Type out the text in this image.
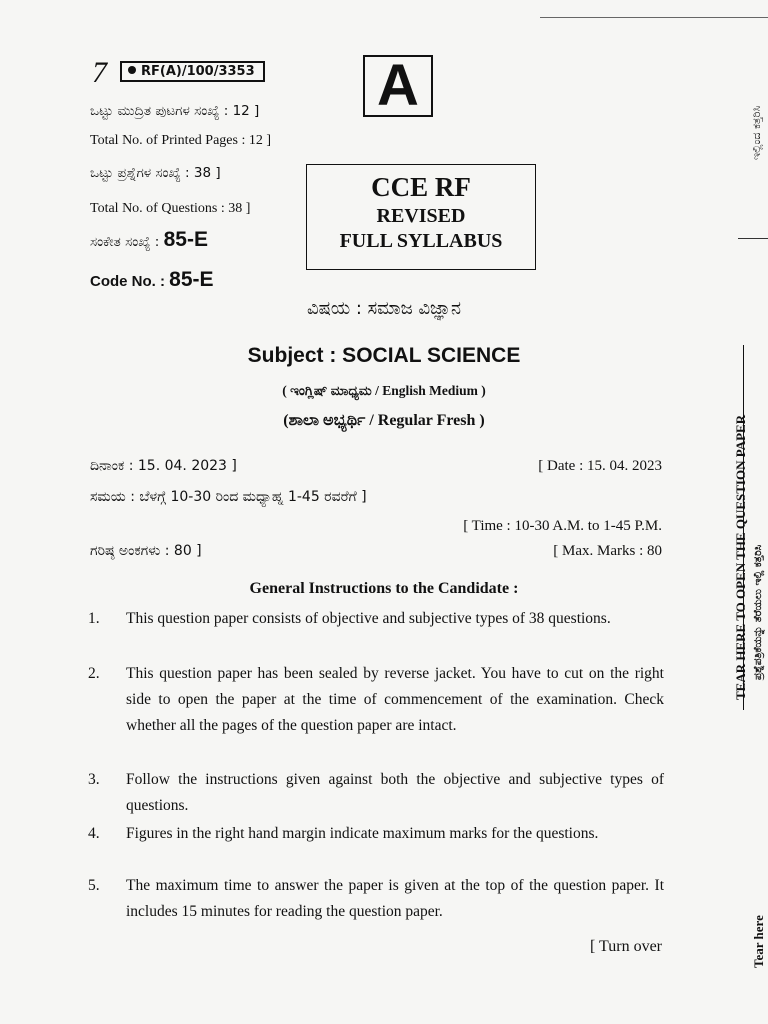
7	RF(A)/100/3353 A
ಒಟ್ಟು ಮುದ್ರಿತ ಪುಟಗಳ ಸಂಖ್ಯೆ : 12 ]
Total No. of Printed Pages : 12 ]
ಒಟ್ಟು ಪ್ರಶ್ನೆಗಳ ಸಂಖ್ಯೆ : 38 ]
Total No. of Questions : 38 ]
ಸಂಕೇತ ಸಂಖ್ಯೆ : 85-E
Code No. : 85-E
CCE RF
REVISED
FULL SYLLABUS
ವಿಷಯ : ಸಮಾಜ ವಿಜ್ಞಾನ
Subject : SOCIAL SCIENCE
( ಇಂಗ್ಲಿಷ್ ಮಾಧ್ಯಮ / English Medium )
(ಶಾಲಾ ಅಭ್ಯರ್ಥಿ / Regular Fresh )
ದಿನಾಂಕ : 15. 04. 2023 ]	[ Date : 15. 04. 2023
ಸಮಯ : ಬೆಳಗ್ಗೆ 10-30 ರಿಂದ ಮಧ್ಯಾಹ್ನ 1-45 ರವರೆಗೆ ]
[ Time : 10-30 A.M. to 1-45 P.M.
ಗರಿಷ್ಠ ಅಂಕಗಳು : 80 ]	[ Max. Marks : 80
General Instructions to the Candidate :
1. This question paper consists of objective and subjective types of 38 questions.
2. This question paper has been sealed by reverse jacket. You have to cut on the right side to open the paper at the time of commencement of the examination. Check whether all the pages of the question paper are intact.
3. Follow the instructions given against both the objective and subjective types of questions.
4. Figures in the right hand margin indicate maximum marks for the questions.
5. The maximum time to answer the paper is given at the top of the question paper. It includes 15 minutes for reading the question paper.
[ Turn over
ಇಲ್ಲಿಂದ ಕತ್ತರಿಸಿ
TEAR HERE TO OPEN THE QUESTION PAPER ಪ್ರಶ್ನೆಪತ್ರಿಕೆಯನ್ನು ತೆರೆಯಲು ಇಲ್ಲಿ ಕತ್ತರಿಸಿ
Tear here
